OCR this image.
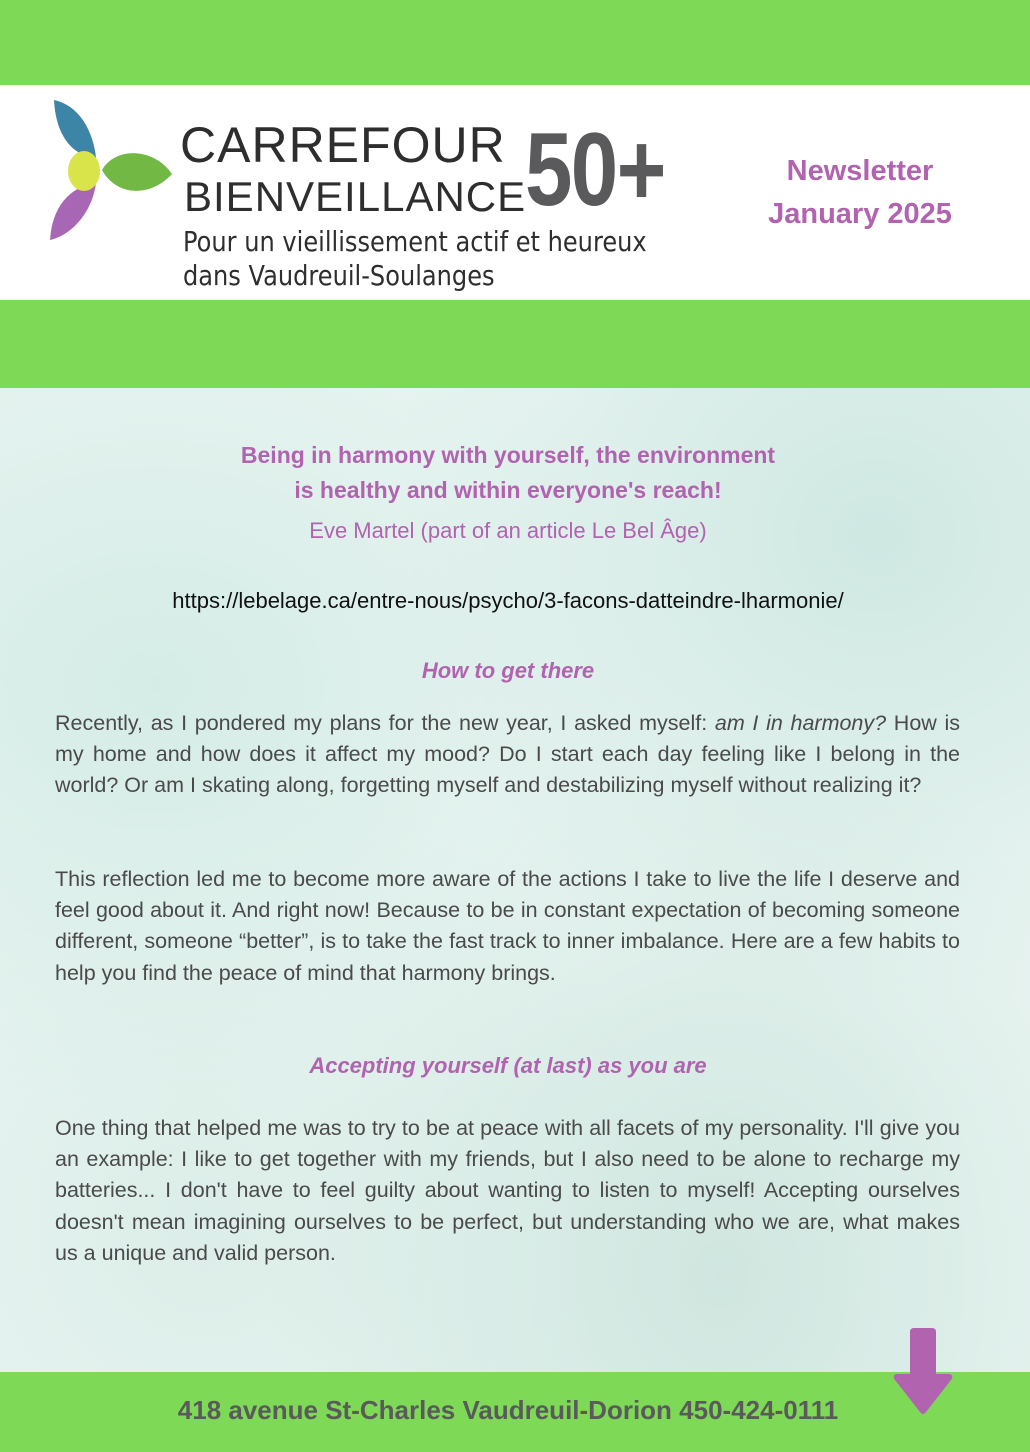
CARREFOUR
BIENVEILLANCE
50+
Pour un vieillissement actif et heureux
dans Vaudreuil-Soulanges
Newsletter
January 2025
Being in harmony with yourself, the environment
is healthy and within everyone's reach!
Eve Martel (part of an article Le Bel Âge)
https://lebelage.ca/entre-nous/psycho/3-facons-datteindre-lharmonie/
How to get there

Recently, as I pondered my plans for the new year, I asked myself: am I in harmony? How is my home and how does it affect my mood? Do I start each day feeling like I belong in the world? Or am I skating along, forgetting myself and destabilizing myself without realizing it?

This reflection led me to become more aware of the actions I take to live the life I deserve and feel good about it. And right now! Because to be in constant expectation of becoming someone different, someone “better”, is to take the fast track to inner imbalance. Here are a few habits to help you find the peace of mind that harmony brings.

Accepting yourself (at last) as you are

One thing that helped me was to try to be at peace with all facets of my personality. I'll give you an example: I like to get together with my friends, but I also need to be alone to recharge my batteries... I don't have to feel guilty about wanting to listen to myself! Accepting ourselves doesn't mean imagining ourselves to be perfect, but understanding who we are, what makes us a unique and valid person.

418 avenue St-Charles Vaudreuil-Dorion 450-424-0111
